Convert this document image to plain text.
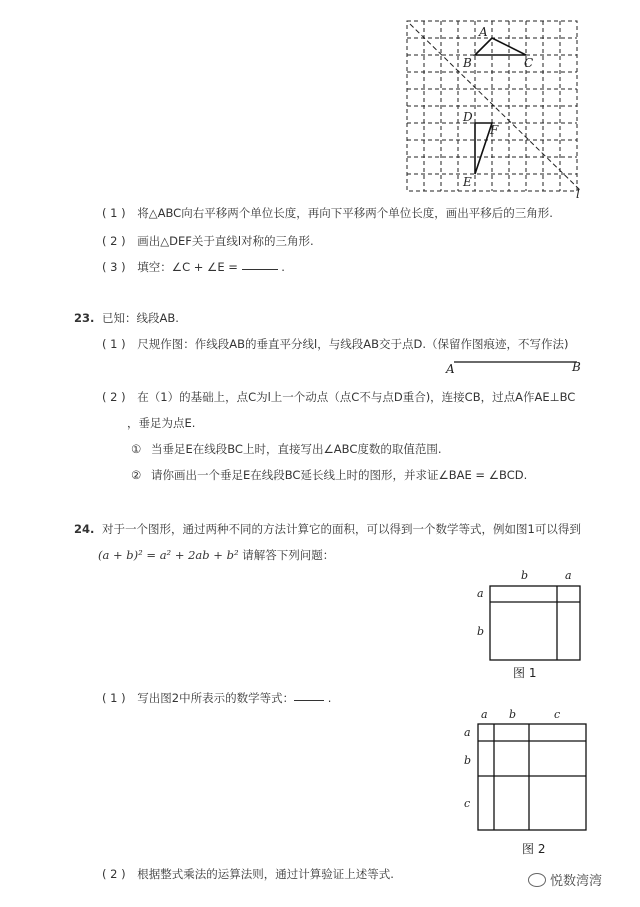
A
B	C
D
F
E
l
( 1 ) 将△ABC向右平移两个单位长度，再向下平移两个单位长度，画出平移后的三角形.
( 2 ) 画出△DEF关于直线l对称的三角形.
( 3 ) 填空：∠C + ∠E =	.
23. 已知：线段AB.
( 1 ) 尺规作图：作线段AB的垂直平分线l，与线段AB交于点D.（保留作图痕迹，不写作法)
A	B
( 2 ) 在（1）的基础上，点C为l上一个动点（点C不与点D重合)，连接CB，过点A作AE⊥BC
，垂足为点E.
① 当垂足E在线段BC上时，直接写出∠ABC度数的取值范围.
② 请你画出一个垂足E在线段BC延长线上时的图形，并求证∠BAE = ∠BCD.
24. 对于一个图形，通过两种不同的方法计算它的面积，可以得到一个数学等式，例如图1可以得到
(a + b)² = a² + 2ab + b² 请解答下列问题：
b	a
a
b
图 1
( 1 ) 写出图2中所表示的数学等式：	.
a b	c
a
b
c
图 2
( 2 ) 根据整式乘法的运算法则，通过计算验证上述等式.	悦数湾湾
